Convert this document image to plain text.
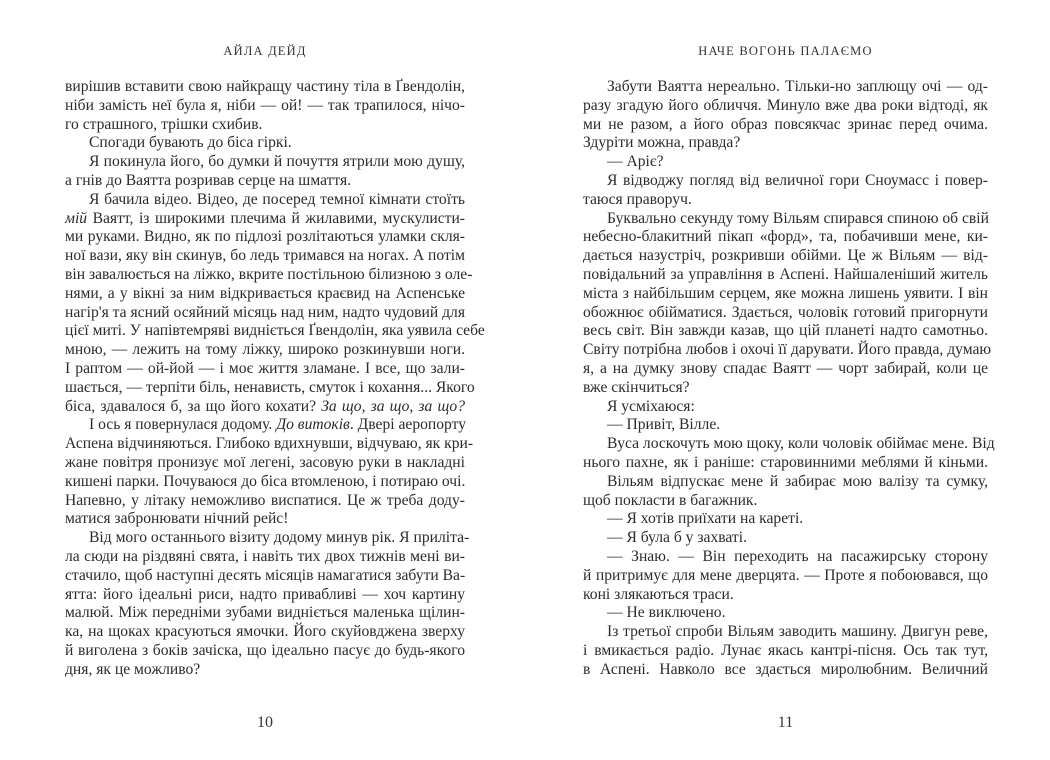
АЙЛА ДЕЙД
вирішив вставити свою найкращу частину тіла в Ґвендолін,
ніби замість неї була я, ніби — ой! — так трапилося, нічо-
го страшного, трішки схибив.
Спогади бувають до біса гіркі.
Я покинула його, бо думки й почуття ятрили мою душу,
а гнів до Ваятта розривав серце на шмаття.
Я бачила відео. Відео, де посеред темної кімнати стоїть
мій Ваятт, із широкими плечима й жилавими, мускулисти-
ми руками. Видно, як по підлозі розлітаються уламки скля-
ної вази, яку він скинув, бо ледь тримався на ногах. А потім
він завалюється на ліжко, вкрите постільною білизною з оле-
нями, а у вікні за ним відкривається краєвид на Аспенське
нагір'я та ясний осяйний місяць над ним, надто чудовий для
цієї миті. У напівтемряві видніється Ґвендолін, яка уявила себе
мною, — лежить на тому ліжку, широко розкинувши ноги.
І раптом — ой-йой — і моє життя зламане. І все, що зали-
шається, — терпіти біль, ненависть, смуток і кохання... Якого
біса, здавалося б, за що його кохати? За що, за що, за що?
І ось я повернулася додому. До витоків. Двері аеропорту
Аспена відчиняються. Глибоко вдихнувши, відчуваю, як кри-
жане повітря пронизує мої легені, засовую руки в накладні
кишені парки. Почуваюся до біса втомленою, і потираю очі.
Напевно, у літаку неможливо виспатися. Це ж треба доду-
матися забронювати нічний рейс!
Від мого останнього візиту додому минув рік. Я приліта-
ла сюди на різдвяні свята, і навіть тих двох тижнів мені ви-
стачило, щоб наступні десять місяців намагатися забути Ва-
ятта: його ідеальні риси, надто привабливі — хоч картину
малюй. Між передніми зубами видніється маленька щілин-
ка, на щоках красуються ямочки. Його скуйовджена зверху
й виголена з боків зачіска, що ідеально пасує до будь-якого
дня, як це можливо?
10
НАЧЕ ВОГОНЬ ПАЛАЄМО
Забути Ваятта нереально. Тільки-но заплющу очі — од-
разу згадую його обличчя. Минуло вже два роки відтоді, як
ми не разом, а його образ повсякчас зринає перед очима.
Здуріти можна, правда?
— Аріє?
Я відводжу погляд від величної гори Сноумасс і повер-
таюся праворуч.
Буквально секунду тому Вільям спирався спиною об свій
небесно-блакитний пікап «форд», та, побачивши мене, ки-
дається назустріч, розкривши обійми. Це ж Вільям — від-
повідальний за управління в Аспені. Найшаленіший житель
міста з найбільшим серцем, яке можна лишень уявити. І він
обожнює обійматися. Здається, чоловік готовий пригорнути
весь світ. Він завжди казав, що цій планеті надто самотньо.
Світу потрібна любов і охочі її дарувати. Його правда, думаю
я, а на думку знову спадає Ваятт — чорт забирай, коли це
вже скінчиться?
Я усміхаюся:
— Привіт, Вілле.
Вуса лоскочуть мою щоку, коли чоловік обіймає мене. Від
нього пахне, як і раніше: старовинними меблями й кіньми.
Вільям відпускає мене й забирає мою валізу та сумку,
щоб покласти в багажник.
— Я хотів приїхати на кареті.
— Я була б у захваті.
— Знаю. — Він переходить на пасажирську сторону
й притримує для мене дверцята. — Проте я побоювався, що
коні злякаються траси.
— Не виключено.
Із третьої спроби Вільям заводить машину. Двигун реве,
і вмикається радіо. Лунає якась кантрі-пісня. Ось так тут,
в Аспені. Навколо все здається миролюбним. Величний
11
